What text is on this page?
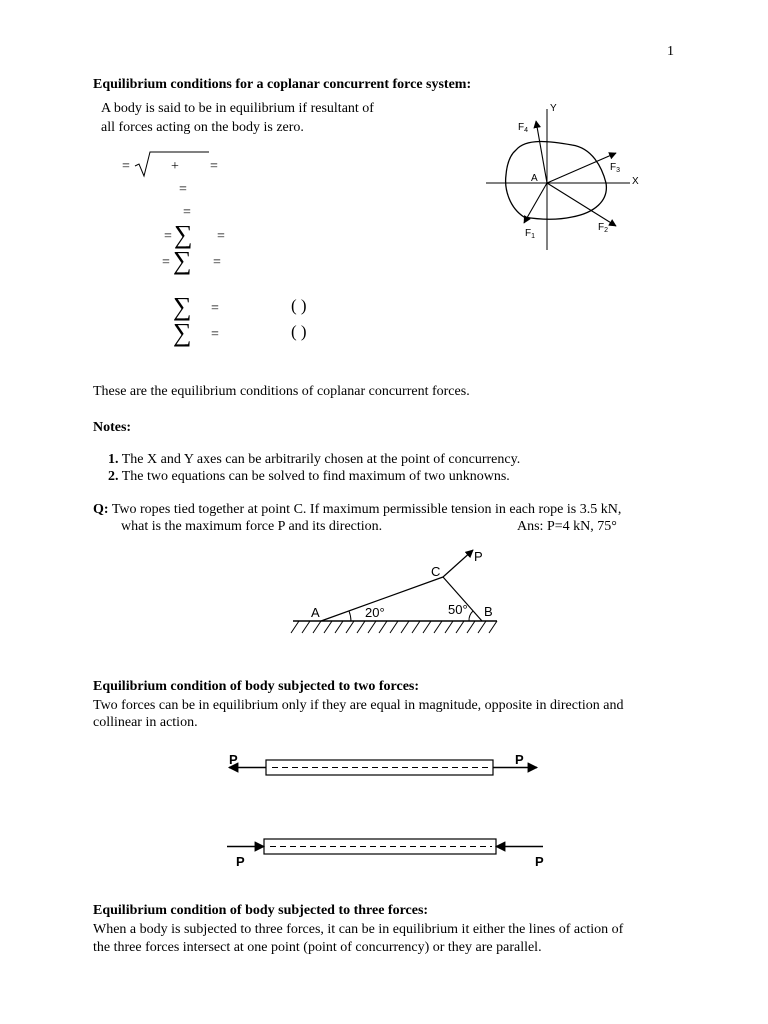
1
Equilibrium conditions for a coplanar concurrent force system:
A body is said to be in equilibrium if resultant of
all forces acting on the body is zero.
=	+ =
=
=
= ∑ =
= ∑ =
∑ =	( )
∑ =	( )
Y
X
A
$F_4$
$F_3$
$F_2$
$F_1$
These are the equilibrium conditions of coplanar concurrent forces.
Notes:
1. The X and Y axes can be arbitrarily chosen at the point of concurrency.
2. The two equations can be solved to find maximum of two unknowns.
Q: Two ropes tied together at point C. If maximum permissible tension in each rope is 3.5 kN,
what is the maximum force P and its direction.	Ans: P=4 kN, 75°
A	B
C
P
20°	50°
Equilibrium condition of body subjected to two forces:
Two forces can be in equilibrium only if they are equal in magnitude, opposite in direction and
collinear in action.
P	P
P	P
Equilibrium condition of body subjected to three forces:
When a body is subjected to three forces, it can be in equilibrium it either the lines of action of
the three forces intersect at one point (point of concurrency) or they are parallel.
